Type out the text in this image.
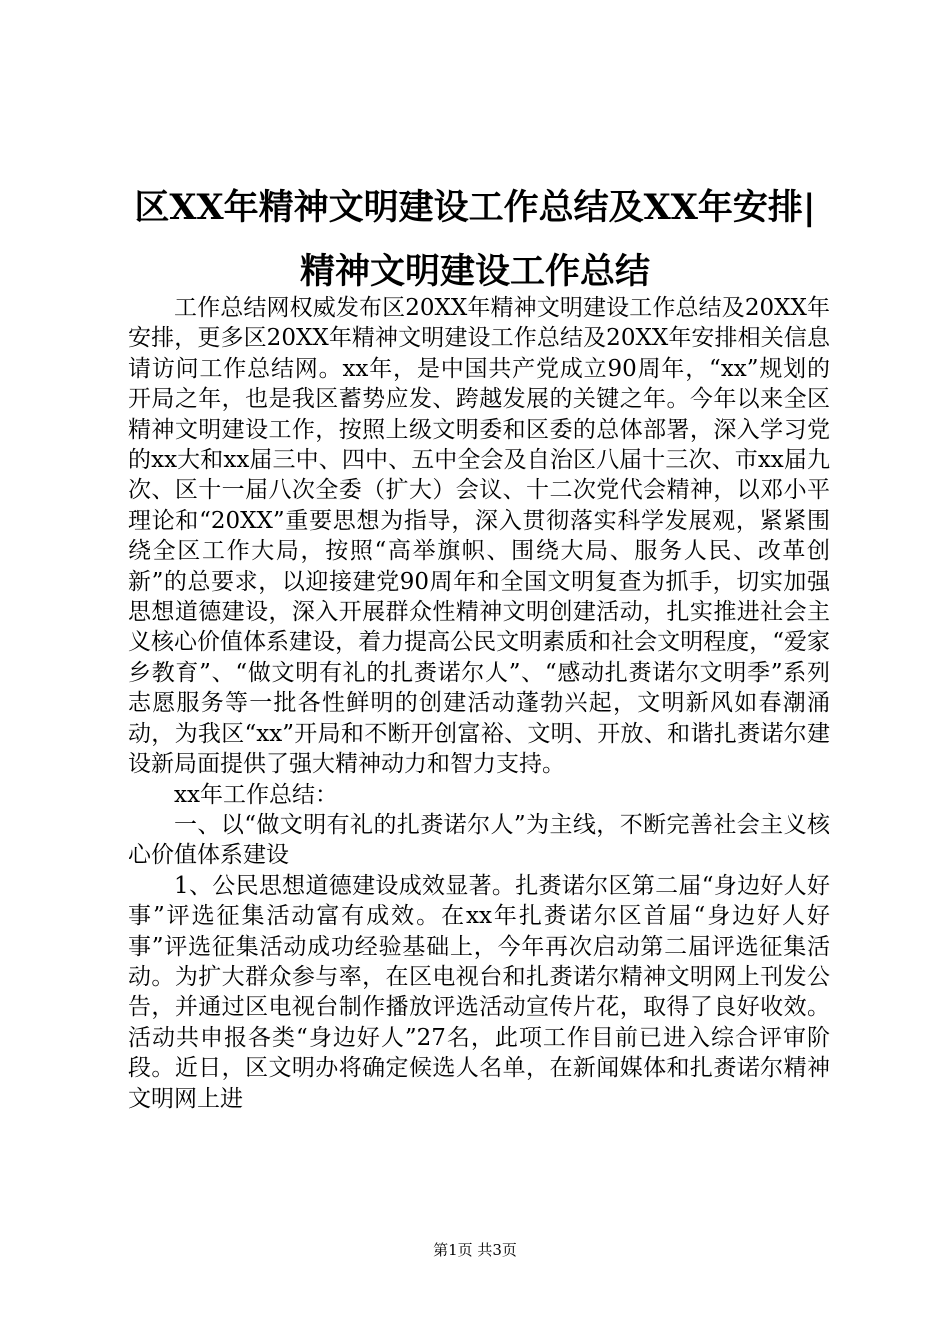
区XX年精神文明建设工作总结及XX年安排|
精神文明建设工作总结

工作总结网权威发布区20XX年精神文明建设工作总结及20XX年安排，更多区20XX年精神文明建设工作总结及20XX年安排相关信息请访问工作总结网。xx年，是中国共产党成立90周年，“xx”规划的开局之年，也是我区蓄势应发、跨越发展的关键之年。今年以来全区精神文明建设工作，按照上级文明委和区委的总体部署，深入学习党的xx大和xx届三中、四中、五中全会及自治区八届十三次、市xx届九次、区十一届八次全委（扩大）会议、十二次党代会精神，以邓小平理论和“20XX”重要思想为指导，深入贯彻落实科学发展观，紧紧围绕全区工作大局，按照“高举旗帜、围绕大局、服务人民、改革创新”的总要求，以迎接建党90周年和全国文明复查为抓手，切实加强思想道德建设，深入开展群众性精神文明创建活动，扎实推进社会主义核心价值体系建设，着力提高公民文明素质和社会文明程度，“爱家乡教育”、“做文明有礼的扎赉诺尔人”、“感动扎赉诺尔文明季”系列志愿服务等一批各性鲜明的创建活动蓬勃兴起，文明新风如春潮涌动，为我区“xx”开局和不断开创富裕、文明、开放、和谐扎赉诺尔建设新局面提供了强大精神动力和智力支持。

xx年工作总结：

一、以“做文明有礼的扎赉诺尔人”为主线，不断完善社会主义核心价值体系建设

1、公民思想道德建设成效显著。扎赉诺尔区第二届“身边好人好事”评选征集活动富有成效。在xx年扎赉诺尔区首届“身边好人好事”评选征集活动成功经验基础上，今年再次启动第二届评选征集活动。为扩大群众参与率，在区电视台和扎赉诺尔精神文明网上刊发公告，并通过区电视台制作播放评选活动宣传片花，取得了良好收效。活动共申报各类“身边好人”27名，此项工作目前已进入综合评审阶段。近日，区文明办将确定候选人名单，在新闻媒体和扎赉诺尔精神文明网上进

第1页 共3页
